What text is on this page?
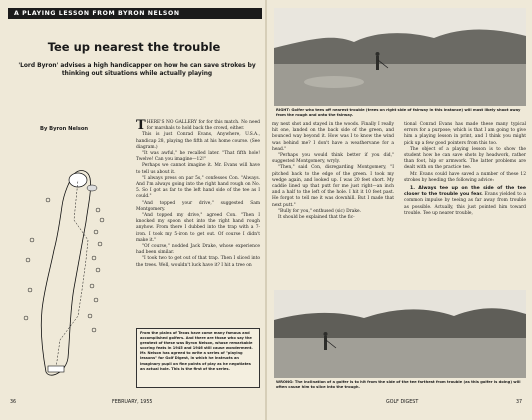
A PLAYING LESSON FROM BYRON NELSON
Tee up nearest the trouble
'Lord Byron' advises a high handicapper on how he can save strokes by thinking out situations while actually playing
By Byron Nelson	THERE'S NO GALLERY for for this match. No need for marshals to hold back the crowd, either.

This is just Conrad Evans, Anywhere, U.S.A., handicap 28, playing the fifth at his home course. (See diagram.)

"It was awful," he recalled later. "That fifth hole! Twelve! Can you imagine—12!"

Perhaps we cannot imagine it. Mr. Evans will have to tell us about it.

"I always press on par 5s," confesses Con. "Always. And I'm always going into the right hand rough on No. 5. So I got as far to the left hand side of the tee as I could."

"And topped your drive," suggested Sam Montgomery.

"And topped my drive," agreed Con. "Then I knocked my spoon shot into the right hand rough anyhow. From there I dubbed into the trap with a 7-iron. I took my 5-iron to get out. Of course I didn't make it."

"Of course," nodded Jack Drake, whose experience had been similar.

"I took two to get out of that trap. Then I sliced into the trees. Well, wouldn't luck have it? I hit a tree on

From the plains of Texas have come many famous and accomplished golfers. And there are those who say the greatest of these was Byron Nelson, whose remarkable scoring feats in 1945 and 1946 still cause wonderment. Mr. Nelson has agreed to write a series of "playing lessons" for Golf Digest, in which he instructs an imaginary pupil on fine points of play as he negotiates an actual hole. This is the first of the series.
36	FEBRUARY, 1955
RIGHT: Golfer who tees off nearest trouble (trees on right side of fairway in this instance) will most likely shoot away from the rough and onto the fairway.

my next shot and stayed in the woods. Finally I really hit one, landed on the back side of the green, and bounced way beyond it. How was I to know the wind was behind me? I don't have a weathervane for a head."

"Perhaps you would think better if you did," suggested Montgomery, wryly.

"Then," said Con, disregarding Montgomery, "I pitched back to the edge of the green. I took my wedge again, and looked up. I was 20 feet short. My caddie lined up that putt for me just right—an inch and a half to the left of the hole. I hit it 10 feet past. He forgot to tell me it was downhill. But I made that next putt."

"Bully for you," enthused (sic) Drake.

It should be explained that the fic-

tional Conrad Evans has made these many typical errors for a purpose; which is that I am going to give him a playing lesson in print, and I think you might pick up a few good pointers from this too.

The object of a playing lesson is to show the student how he can save shots by headwork, rather than foot, hip or armwork. The latter problems are dealt with on the practice tee.

Mr. Evans could have saved a number of these 12 strokes by heeding the following advice:

1. Always tee up on the side of the tee closer to the trouble you fear. Evans yielded to a common impulse by teeing as far away from trouble as possible. Actually, this just pointed him toward trouble. Tee up nearer trouble,

WRONG: The inclination of a golfer is to hit from the side of the tee farthest from trouble (as this golfer is doing) will often cause him to slice into the trough.
GOLF DIGEST	37
